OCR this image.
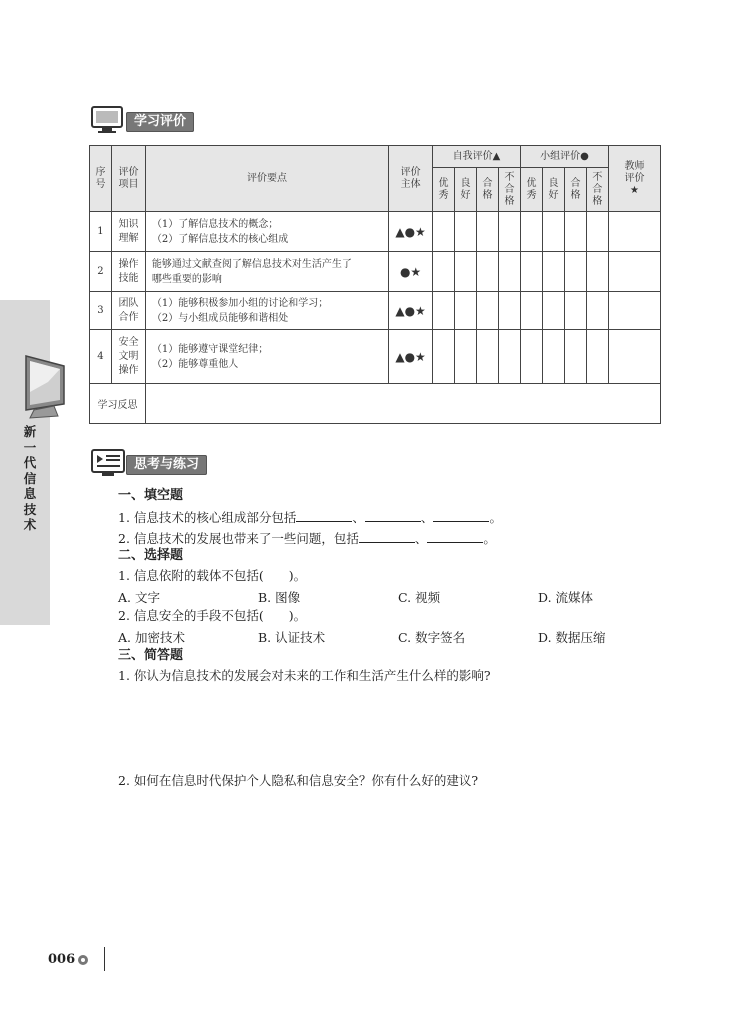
新一代信息技术
学习评价
序号	评价项目	评价要点	评价主体	自我评价▲				小组评价●				教师评价★
				优秀	良好	合格	不合格	优秀	良好	合格	不合格	
1	知识理解	（1）了解信息技术的概念；
（2）了解信息技术的核心组成	▲●★									
2	操作技能	能够通过文献查阅了解信息技术对生活产生了
哪些重要的影响	●★									
3	团队合作	（1）能够积极参加小组的讨论和学习；
（2）与小组成员能够和谐相处	▲●★									
4	安全文明操作	（1）能够遵守课堂纪律；
（2）能够尊重他人	▲●★									
学习反思												
思考与练习
一、填空题
1. 信息技术的核心组成部分包括	、	、	。
2. 信息技术的发展也带来了一些问题，包括	、	。
二、选择题
1. 信息依附的载体不包括(　　)。
A. 文字	B. 图像	C. 视频	D. 流媒体
2. 信息安全的手段不包括(　　)。
A. 加密技术	B. 认证技术	C. 数字签名	D. 数据压缩
三、简答题
1. 你认为信息技术的发展会对未来的工作和生活产生什么样的影响?
2. 如何在信息时代保护个人隐私和信息安全？你有什么好的建议?
006
